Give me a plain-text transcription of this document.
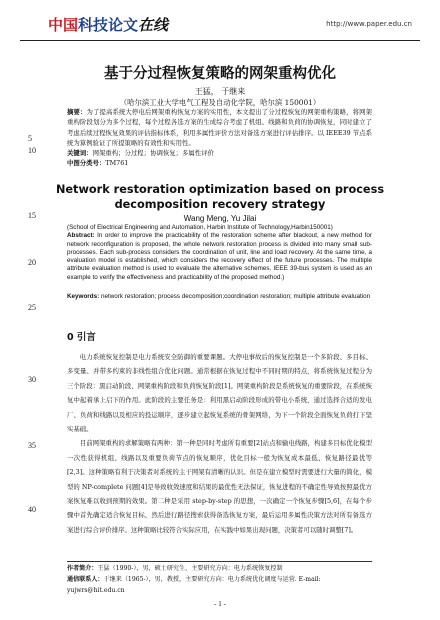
中国科技论文在线	http://www.paper.edu.cn
5
10
15
20
25
30
35
40
基于分过程恢复策略的网架重构优化
王猛， 于继来
（哈尔滨工业大学电气工程及自动化学院，哈尔滨 150001）
摘要：为了提高系统大停电后网架重构恢复方案的实用性，本文提出了分过程恢复的网架重构策略，将网架重构阶段划分为多个过程，每个过程各选方案的生成综合考虑了机组、线路和负荷的协调恢复，同时建立了考虑后续过程恢复效果的评估指标体系，利用多属性评价方法对备选方案进行评估排序。以 IEEE39 节点系统为算例验证了所提策略的有效性和实用性。
关键词：网架重构；分过程；协调恢复；多属性评价
中图分类号：TM761
Network restoration optimization based on process
decomposition recovery strategy
Wang Meng, Yu Jilai
(School of Electrical Engineering and Automation, Harbin Institute of Technology,Harbin150001)
Abstract: In order to improve the practicability of the restoration scheme after blackout, a new method for network reconfiguration is proposed, the whole network restoration process is divided into many small sub-processes. Each sub-process considers the coordination of unit, line and load recovery. At the same time, a evaluation model is established, which considers the recovery effect of the future processes. The multiple attribute evaluation method is used to evaluate the alternative schemes. IEEE 39-bus system is used as an example to verify the effectiveness and practicability of the proposed method.)
Keywords: network restoration; process decomposition;coordination restoration; multiple attribute evaluation
0 引言

电力系统恢复控制是电力系统安全防御的重要课题。大停电事故后的恢复控制是一个多阶段、多目标、多变量、并带多约束的非线性组合优化问题。通常根据在恢复过程中不同时期的特点，将系统恢复过程分为三个阶段：黑启动阶段、网架重构阶段和负荷恢复阶段[1]。网架重构阶段是系统恢复的重要阶段，在系统恢复中起着承上启下的作用。此阶段的主要任务是：利用黑启动阶段形成的带电小系统，通过选择合适的发电厂、负荷和线路以及相应的投运顺序，逐步建立起恢复系统的骨架网络，为下一个阶段全面恢复负荷打下坚实基础。

目前网架重构的求解策略有两种：第一种是同时考虑所有重要[2]站点和输电线路，构建多目标优化模型一次性获得机组、线路以及重要负荷节点的恢复顺序，优化目标一般为恢复成本最低、恢复路径最优等[2,3]。这种策略有利于决策者对系统的主干网架有清晰的认识。但是在建立模型时需要进行大量的简化，模型的 NP-complete 问题[4]是导致收敛速度和结果的最优性无法保证，恢复进程的不确定性导致按照最优方案恢复难以收到预期的效果。第二种是采用 step-by-step 的思想，一次确定一个恢复步骤[5,6]，在每个步骤中首先确定适合恢复目标，然后进行路径搜索获得备选恢复方案，最后运用多属性决策方法对所有备选方案进行综合评价排序。这种策略比较符合实际应用，在实践中如果出现问题，决策者可以随时调整[7]。

作者简介：王猛（1990-），男，硕士研究生，主要研究方向：电力系统恢复控制
通信联系人：于继来（1965-），男，教授，主要研究方向：电力系统优化调度与运营. E-mail: yujwrs@hit.edu.cn
- 1 -
